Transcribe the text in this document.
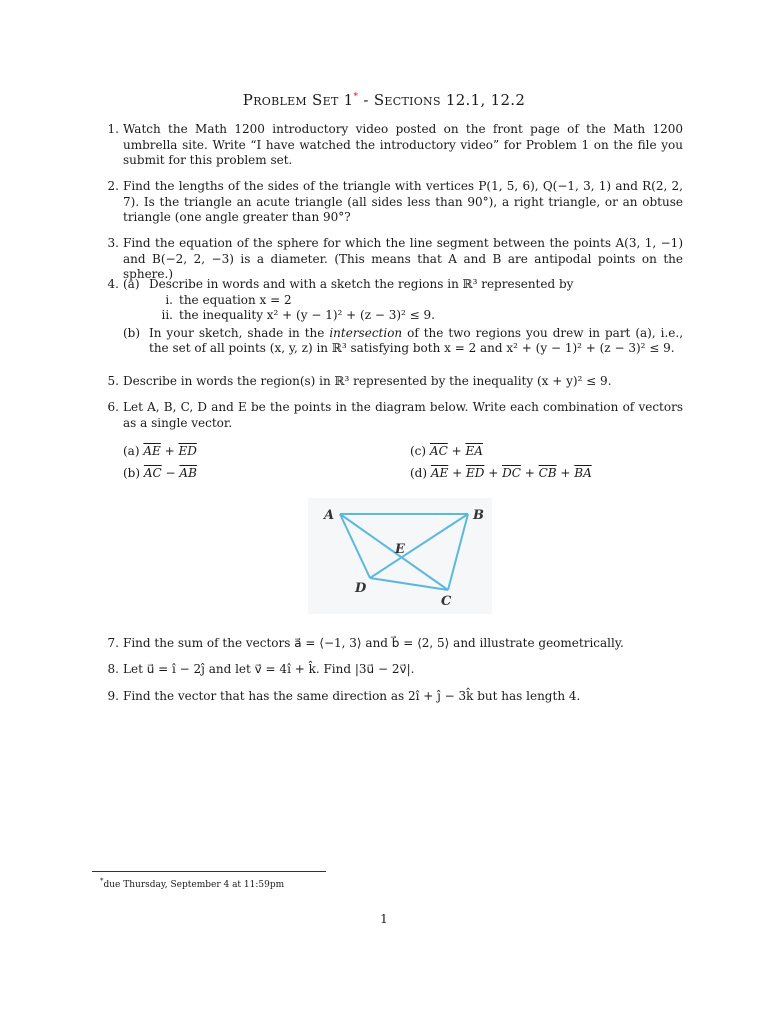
Problem Set 1* - Sections 12.1, 12.2
1. Watch the Math 1200 introductory video posted on the front page of the Math 1200 umbrella site. Write “I have watched the introductory video” for Problem 1 on the file you submit for this problem set.
2. Find the lengths of the sides of the triangle with vertices P(1, 5, 6), Q(−1, 3, 1) and R(2, 2, 7). Is the triangle an acute triangle (all sides less than 90°), a right triangle, or an obtuse triangle (one angle greater than 90°?
3. Find the equation of the sphere for which the line segment between the points A(3, 1, −1) and B(−2, 2, −3) is a diameter. (This means that A and B are antipodal points on the sphere.)
4. (a) Describe in words and with a sketch the regions in ℝ³ represented by
i. the equation x = 2
ii. the inequality x² + (y − 1)² + (z − 3)² ≤ 9.
(b) In your sketch, shade in the intersection of the two regions you drew in part (a), i.e., the set of all points (x, y, z) in ℝ³ satisfying both x = 2 and x² + (y − 1)² + (z − 3)² ≤ 9.
5. Describe in words the region(s) in ℝ³ represented by the inequality (x + y)² ≤ 9.
6. Let A, B, C, D and E be the points in the diagram below. Write each combination of vectors as a single vector.
(a) $\overline{AE} + \overline{ED}$
(b) $\overline{AC} - \overline{AB}$
(c) $\overline{AC} + \overline{EA}$
(d) $\overline{AE} + \overline{ED} + \overline{DC} + \overline{CB} + \overline{BA}$
A	B
E
D
C
7. Find the sum of the vectors a⃗ = ⟨−1, 3⟩ and b⃗ = ⟨2, 5⟩ and illustrate geometrically.
8. Let u⃗ = î − 2ĵ and let v⃗ = 4î + k̂. Find |3u⃗ − 2v⃗|.
9. Find the vector that has the same direction as 2î + ĵ − 3k̂ but has length 4.
*due Thursday, September 4 at 11:59pm
1
